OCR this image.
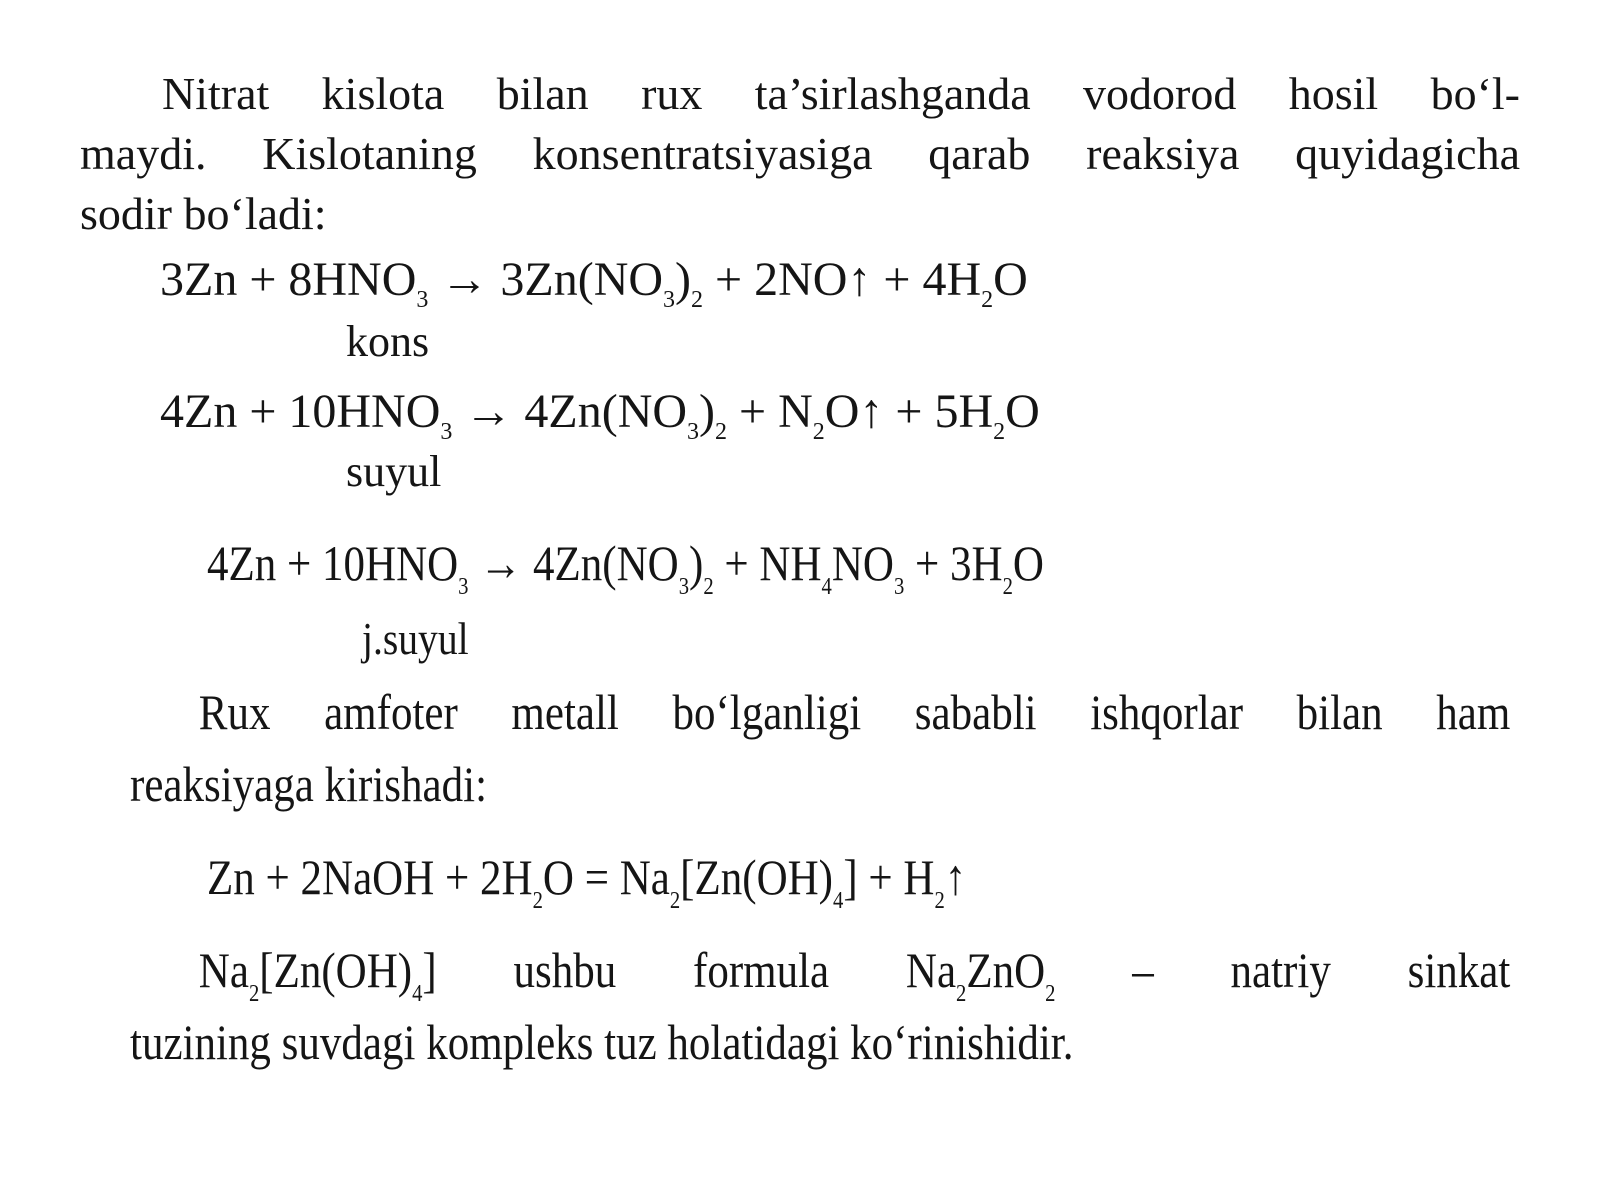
Nitrat kislota bilan rux ta’sirlashganda vodorod hosil bo‘l-
maydi. Kislotaning konsentratsiyasiga qarab reaksiya quyidagicha
sodir bo‘ladi:
$3Zn + 8HNO_3 \to 3Zn(NO_3)_2$ + 2NO↑ + $4H_2O$
kons
$4Zn + 10HNO_3 \to 4Zn(NO_3)_2$ + $N_2O↑ + 5H_2O$
suyul
$4Zn + 10HNO_3 \to 4Zn(NO_3)_2 + NH_4NO_3 + 3H_2O$
j.suyul
Rux amfoter metall bo‘lganligi sababli ishqorlar bilan ham
reaksiyaga kirishadi:
Zn + 2NaOH + $2H_2O = Na_2[Zn(OH)_4]$ + $H_2↑$
$Na_2[Zn(OH)_4]$ ushbu formula $Na_2ZnO_2$ – natriy sinkat
tuzining suvdagi kompleks tuz holatidagi ko‘rinishidir.
